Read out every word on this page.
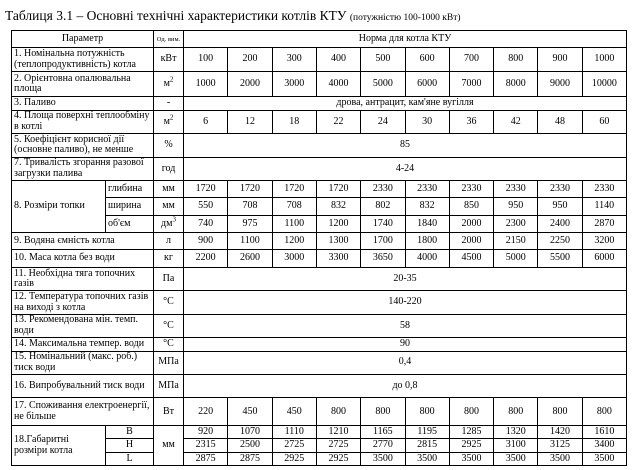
Таблиця 3.1 – Основні технічні характеристики котлів КТУ (потужністю 100-1000 кВт)
Параметр		Од. вим.	Норма для котла КТУ									
1. Номінальна потужність (теплопродуктивність) котла		кВт	100	200	300	400	500	600	700	800	900	1000
2. Орієнтовна опалювальна площа		$м^2$	1000	2000	3000	4000	5000	6000	7000	8000	9000	10000
3. Паливо		-	дрова, антрацит, кам'яне вугілля									
4. Площа поверхні теплообміну в котлі		$м^2$	6	12	18	22	24	30	36	42	48	60
5. Коефіцієнт корисної дії (основне паливо), не менше		%	85									
7. Тривалість згорання разової загрузки палива		год	4-24									
8. Розміри топки	глибина	мм	1720	1720	1720	1720	2330	2330	2330	2330	2330	2330
	ширина	мм	550	708	708	832	802	832	850	950	950	1140
	об'єм	$дм^3$	740	975	1100	1200	1740	1840	2000	2300	2400	2870
9. Водяна ємність котла		л	900	1100	1200	1300	1700	1800	2000	2150	2250	3200
10. Маса котла без води		кг	2200	2600	3000	3300	3650	4000	4500	5000	5500	6000
11. Необхідна тяга топочних газів		Па	20-35									
12. Температура топочних газів на виході з котла		°С	140-220									
13. Рекомендована мін. темп. води		°С	58									
14. Максимальна темпер. води		°С	90									
15. Номінальний (макс. роб.) тиск води		МПа	0,4									
16. Випробувальний тиск води		МПа	до 0,8									
17. Споживання електроенергії, не більше		Вт	220	450	450	800	800	800	800	800	800	800
18.Габаритні розміри котла	B	мм	920	1070	1110	1210	1165	1195	1285	1320	1420	1610
	H		2315	2500	2725	2725	2770	2815	2925	3100	3125	3400
	L		2875	2875	2925	2925	3500	3500	3500	3500	3500	3500
